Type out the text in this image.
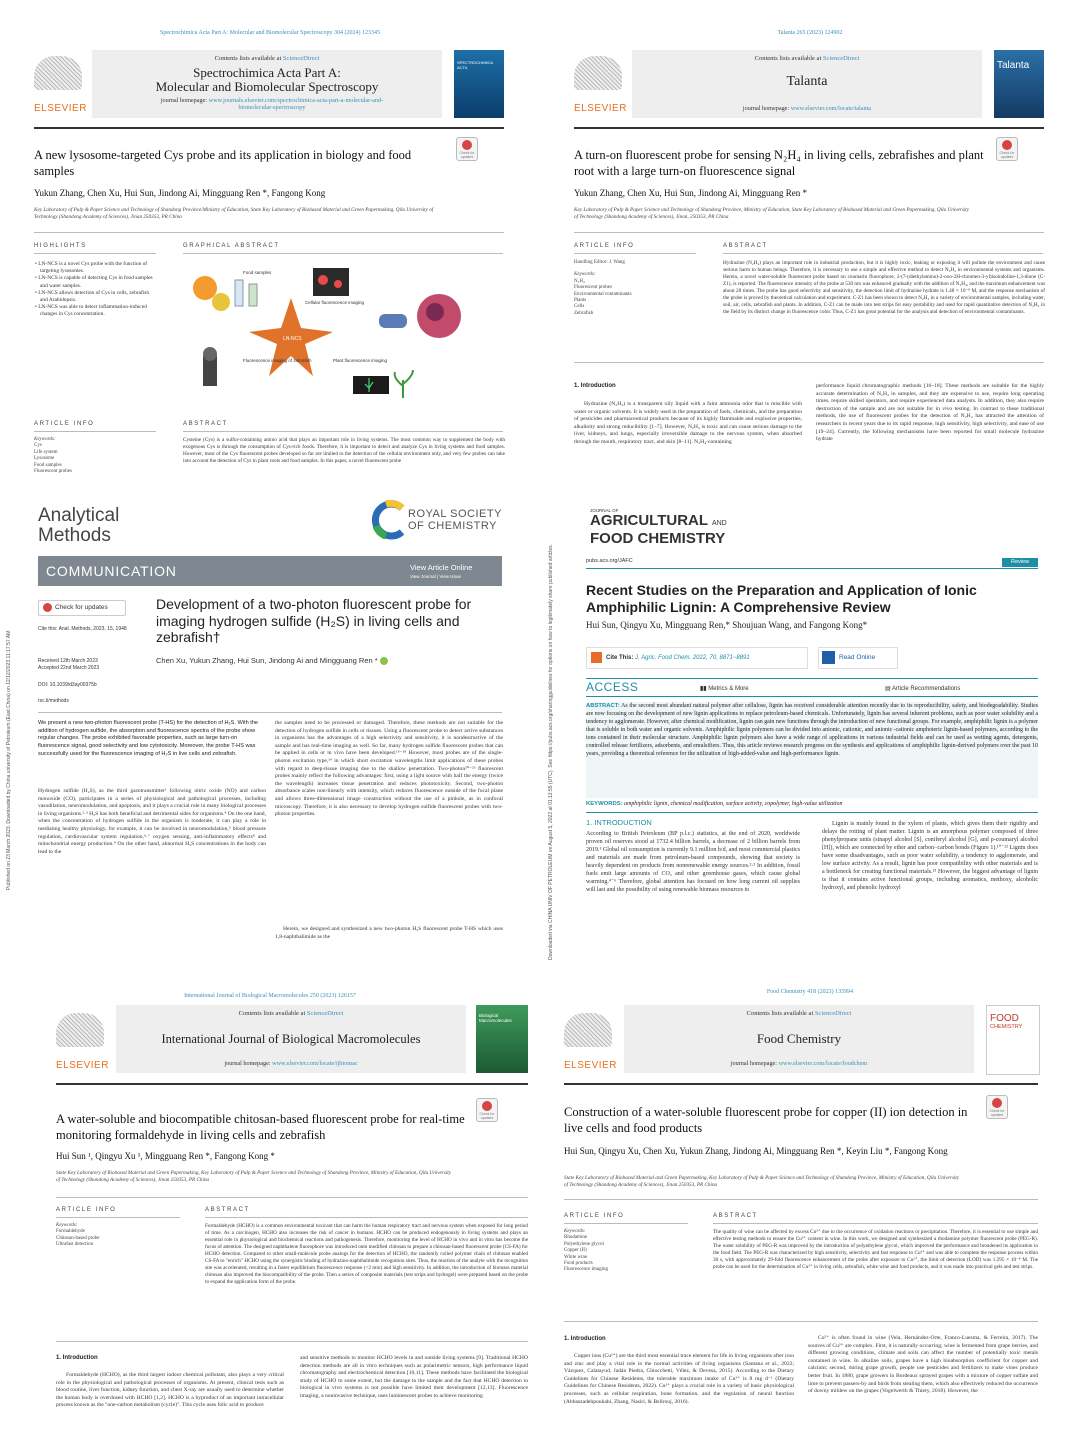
Spectrochimica Acta Part A: Molecular and Biomolecular Spectroscopy 304 (2024) 123345
ELSEVIER
Contents lists available at ScienceDirect
Spectrochimica Acta Part A:
Molecular and Biomolecular Spectroscopy
journal homepage: www.journals.elsevier.com/spectrochimica-acta-part-a-molecular-and-biomolecular-spectroscopy
SPECTROCHIMICA ACTA
A new lysosome-targeted Cys probe and its application in biology and food samples
Check for updates
Yukun Zhang, Chen Xu, Hui Sun, Jindong Ai, Mingguang Ren *, Fangong Kong
Key Laboratory of Pulp & Paper Science and Technology of Shandong Province/Ministry of Education, State Key Laboratory of Biobased Material and Green Papermaking, Qilu University of Technology (Shandong Academy of Sciences), Jinan 250353, PR China
HIGHLIGHTS
• LN-NCS is a novel Cys probe with the function of targeting lysosomes.
• LN-NCS is capable of detecting Cys in food samples and water samples.
• LN-NCS allows detection of Cys in cells, zebrafish and Arabidopsis.
• LN-NCS was able to detect inflammation-induced changes in Cys concentration.
GRAPHICAL ABSTRACT
Food samples
Cellular fluorescence imaging
LN-NCS
Fluorescence imaging of zebrafish	Plant fluorescence imaging
ARTICLE INFO
Keywords:
Cys
Life system
Lysosome
Food samples
Fluorescent probes
ABSTRACT
Cysteine (Cys) is a sulfur-containing amino acid that plays an important role in living systems. The most common way to supplement the body with exogenous Cys is through the consumption of Cys-rich foods. Therefore, it is important to detect and analyze Cys in living systems and food samples. However, most of the Cys fluorescent probes developed so far are limited to the detection of the cellular environment only, and very few probes can take into account the detection of Cys in plant roots and food samples. In this paper, a novel fluorescent probe
Talanta 265 (2023) 124902
ELSEVIER
Contents lists available at ScienceDirect
Talanta
journal homepage: www.elsevier.com/locate/talanta
Talanta
A turn-on fluorescent probe for sensing N₂H₄ in living cells, zebrafishes and plant root with a large turn-on fluorescence signal
Check for updates
Yukun Zhang, Chen Xu, Hui Sun, Jindong Ai, Mingguang Ren *
Key Laboratory of Pulp & Paper Science and Technology of Shandong Province, Ministry of Education, State Key Laboratory of Biobased Material and Green Papermaking, Qilu University of Technology (Shandong Academy of Sciences), Jinan, 250353, PR China
ARTICLE INFO
Handling Editor: J. Wang
Keywords:
N₂H₄
Fluorescent probes
Environmental contaminants
Plants
Cells
Zebrafish
ABSTRACT
Hydrazine (N₂H₄) plays an important role in industrial production, but it is highly toxic, leaking or exposing it will pollute the environment and cause serious harm to human beings. Therefore, it is necessary to use a simple and effective method to detect N₂H₄ in environmental systems and organisms. Herein, a novel water-soluble fluorescent probe based on coumarin fluorophore, 2-(7-(diethylamino)-2-oxo-2H-chromen-3-yl)isoindoline-1,3-dione (C-Z1), is reported. The fluorescence intensity of the probe at 530 nm was enhanced gradually with the addition of N₂H₄, and the maximum enhancement was about 28 times. The probe has good selectivity and sensitivity, the detection limit of hydrazine hydrate is 1.48 × 10⁻⁸ M, and the response mechanism of the probe is proved by theoretical calculation and experiment. C-Z1 has been shown to detect N₂H₄ in a variety of environmental samples, including water, soil, air, cells, zebrafish and plants. In addition, C-Z1 can be made into test strips for easy portability and used for rapid quantitative detection of N₂H₄ in the field by its distinct change in fluorescence color. Thus, C-Z1 has great potential for the analysis and detection of environmental contaminants.
1. Introduction
Hydrazine (N₂H₄) is a transparent oily liquid with a faint ammonia odor that is miscible with water or organic solvents. It is widely used in the preparation of fuels, chemicals, and the preparation of pesticides and pharmaceutical products because of its highly flammable and explosive properties, alkalinity and strong reducibility [1–7]. However, N₂H₄ is toxic and can cause serious damage to the liver, kidneys, and lungs, especially irreversible damage to the nervous system, when absorbed through the mouth, respiratory tract, and skin [8–11]. N₂H₄-containing
performance liquid chromatographic methods [16–18]. These methods are suitable for the highly accurate determination of N₂H₄ in samples, and they are expensive to use, require long operating times, require skilled operators, and require experienced data analysts. In addition, they also require destruction of the sample and are not suitable for in vivo testing. In contrast to these traditional methods, the use of fluorescent probes for the detection of N₂H₄ has attracted the attention of researchers in recent years due to its rapid response, high sensitivity, high selectivity, and ease of use [19–24]. Currently, the following mechanisms have been reported for small molecule hydrazine hydrate
Published on 23 March 2023. Downloaded by China university of Petroleum (East China) on 12/12/2023 11:17:57 AM.
Analytical
Methods
ROYAL SOCIETY
OF CHEMISTRY
COMMUNICATION	View Article Online
View Journal | View Issue
Check for updates
Cite this: Anal. Methods, 2023, 15, 1948
Development of a two-photon fluorescent probe for imaging hydrogen sulfide (H₂S) in living cells and zebrafish†
Chen Xu, Yukun Zhang, Hui Sun, Jindong Ai and Mingguang Ren *
Received 12th March 2023
Accepted 22nd March 2023
DOI: 10.1039/d3ay00375b
rsc.li/methods
We present a new two-photon fluorescent probe (T-HS) for the detection of H₂S. With the addition of hydrogen sulfide, the absorption and fluorescence spectra of the probe show regular changes. The probe exhibited favorable properties, such as large turn-on fluorescence signal, good selectivity and low cytotoxicity. Moreover, the probe T-HS was successfully used for the fluorescence imaging of H₂S in live cells and zebrafish.
Hydrogen sulfide (H₂S), as the third gasotransmitter¹ following nitric oxide (NO) and carbon monoxide (CO), participates in a series of physiological and pathological processes, including vasodilation, neuromodulation, and apoptosis, and it plays a crucial role in many biological processes in living organisms.²·³ H₂S has both beneficial and detrimental sides for organisms.⁴ On the one hand, when the concentration of hydrogen sulfide in the organism is moderate, it can play a role in mediating healthy physiology, for example, it can be involved in neuromodulation,⁵ blood pressure regulation, cardiovascular system regulation,⁶·⁷ oxygen sensing, anti-inflammatory effects⁸ and mitochondrial energy production.⁹ On the other hand, abnormal H₂S concentrations in the body can lead to the
the samples need to be processed or damaged. Therefore, these methods are not suitable for the detection of hydrogen sulfide in cells or tissues. Using a fluorescent probe to detect active substances in organisms has the advantages of a high selectivity and sensitivity, it is nondestructive of the sample and has real-time imaging as well. So far, many hydrogen sulfide fluorescent probes that can be applied in cells or in vivo have been developed.¹⁶⁻¹⁸ However, most probes are of the single-photon excitation type,¹⁹ in which short excitation wavelengths limit applications of these probes with regard to deep-tissue imaging due to the shallow penetration. Two-photon²⁰⁻²³ fluorescent probes mainly reflect the following advantages: first, using a light source with half the energy (twice the wavelength) increases tissue penetration and reduces phototoxicity. Second, two-photon absorbance scales non-linearly with intensity, which reduces fluorescence outside of the focal plane and allows three-dimensional image construction without the use of a pinhole, as in confocal microscopy. Therefore, it is also necessary to develop hydrogen sulfide fluorescent probes with two-photon properties.
Herein, we designed and synthesized a new two-photon H₂S fluorescent probe T-HS which uses 1,8-naphthalimide as the	Downloaded via CHINA UNIV OF PETROLEUM on August 5, 2022 at 01:13:55 (UTC). See https://pubs.acs.org/sharingguidelines for options on how to legitimately share published articles.
JOURNAL OF
AGRICULTURAL AND
FOOD CHEMISTRY
pubs.acs.org/JAFC	Review
Recent Studies on the Preparation and Application of Ionic Amphiphilic Lignin: A Comprehensive Review
Hui Sun, Qingyu Xu, Mingguang Ren,* Shoujuan Wang, and Fangong Kong*
Cite This: J. Agric. Food Chem. 2022, 70, 8871−8891	Read Online
ACCESS	▮▮ Metrics & More	▤ Article Recommendations
ABSTRACT: As the second most abundant natural polymer after cellulose, lignin has received considerable attention recently due to its reproducibility, safety, and biodegradability. Studies are now focusing on the development of new lignin applications to replace petroleum-based chemicals. Unfortunately, lignin has several inherent problems, such as poor water solubility and a tendency to agglomerate. However, after chemical modification, lignin can gain new functions through the introduction of new functional groups. For example, amphiphilic lignin is a polymer that is soluble in both water and organic solvents. Amphiphilic lignin polymers can be divided into anionic, cationic, and anionic−cationic amphoteric lignin-based polymers, according to the ions contained in their molecular structure. Amphiphilic lignin polymers also have a wide range of applications in various industrial fields and can be used as wetting agents, detergents, controlled release fertilizers, adsorbents, and emulsifiers. Thus, this article reviews research progress on the synthesis and applications of amphiphilic lignin-derived polymers over the past 10 years, providing a theoretical reference for the utilization of high-added-value and high-performance lignin.
KEYWORDS: amphiphilic lignin, chemical modification, surface activity, copolymer, high-value utilization
1. INTRODUCTION
According to British Petroleum (BP p.l.c.) statistics, at the end of 2020, worldwide proven oil reserves stood at 1732.4 billion barrels, a decrease of 2 billion barrels from 2019.¹ Global oil consumption is currently 9.1 million b/d, and most commercial plastics and materials are made from petroleum-based compounds, showing that society is heavily dependent on products from nonrenewable energy sources.²·³ In addition, fossil fuels emit large amounts of CO₂ and other greenhouse gases, which cause global warming.⁴⁻⁶ Therefore, global attention has focused on how long current oil supplies will last and the possibility of using renewable biomass resources to
Lignin is mainly found in the xylem of plants, which gives them their rigidity and delays the rotting of plant matter. Lignin is an amorphous polymer composed of three phenylpropane units (sinapyl alcohol [S], coniferyl alcohol [G], and p-coumaryl alcohol [H]), which are connected by ether and carbon−carbon bonds (Figure 1).¹⁰⁻¹² Lignin does have some disadvantages, such as poor water solubility, a tendency to agglomerate, and low surface activity. As a result, lignin has poor compatibility with other materials and is a bottleneck for creating functional materials.¹³ However, the biggest advantage of lignin is that it contains active functional groups, including aromatics, methoxy, alcoholic hydroxyl, and phenolic hydroxyl
International Journal of Biological Macromolecules 250 (2023) 126157
ELSEVIER
Contents lists available at ScienceDirect
International Journal of Biological Macromolecules
journal homepage: www.elsevier.com/locate/ijbiomac
Biological Macromolecules
A water-soluble and biocompatible chitosan-based fluorescent probe for real-time monitoring formaldehyde in living cells and zebrafish
Check for updates
Hui Sun ¹, Qingyu Xu ¹, Mingguang Ren *, Fangong Kong *
State Key Laboratory of Biobased Material and Green Papermaking, Key Laboratory of Pulp & Paper Science and Technology of Shandong Province, Ministry of Education, Qilu University of Technology (Shandong Academy of Sciences), Jinan 250353, PR China
ARTICLE INFO
Keywords:
Formaldehyde
Chitosan-based probe
Ultrafast detection
ABSTRACT
Formaldehyde (HCHO) is a common environmental toxicant that can harm the human respiratory tract and nervous system when exposed for long period of time. As a carcinogen, HCHO also increases the risk of cancer in humans. HCHO can be produced endogenously in living systems and plays an essential role in physiological and biochemical reactions and pathogenesis. Therefore, monitoring the level of HCHO in vivo and in vitro has become the focus of attention. The designed naphthalene fluorophore was introduced onto modified chitosan to prepare a chitosan-based fluorescent probe (CS-FA) for HCHO detection. Compared to other small-molecule probe analogs for the detection of HCHO, the randomly coiled polymer chain of chitosan enabled CS-FA to "enrich" HCHO using the synergistic binding of hydrazino-naphthalimide recognition sites. Thus, the reaction of the analyte with the recognition site was accelerated, resulting in a faster equilibrium fluorescence response (<2 min) and high sensitivity. In addition, the introduction of biomass material chitosan also improved the biocompatibility of the probe. Then a series of composite materials (test strips and hydrogel) were prepared based on the probe to expand the application form of the probe.
1. Introduction
Formaldehyde (HCHO), as the third largest indoor chemical pollutant, also plays a very critical role in the physiological and pathological processes of organisms. At present, clinical tests such as blood routine, liver function, kidney function, and chest X-ray are usually used to determine whether the human body is overdosed with HCHO [1,2]. HCHO is a byproduct of an important intracellular process known as the "one-carbon metabolism (cycle)". This cycle uses folic acid to produce
and sensitive methods to monitor HCHO levels in and outside living systems [9]. Traditional HCHO detection methods are all in vitro techniques such as polarimetric sensors, high performance liquid chromatography and electrochemical detection [10,11]. These methods have facilitated the biological study of HCHO to some extent, but the damage to the sample and the fact that HCHO detection in biological in vivo systems is not possible have limited their development [12,13]. Fluorescence imaging, a noninvasive technique, uses luminescent probes to achieve monitoring
Food Chemistry 418 (2023) 135994
ELSEVIER
Contents lists available at ScienceDirect
Food Chemistry
journal homepage: www.elsevier.com/locate/foodchem
FOOD
CHEMISTRY
Construction of a water-soluble fluorescent probe for copper (II) ion detection in live cells and food products
Check for updates
Hui Sun, Qingyu Xu, Chen Xu, Yukun Zhang, Jindong Ai, Mingguang Ren *, Keyin Liu *, Fangong Kong
State Key Laboratory of Biobased Material and Green Papermaking, Key Laboratory of Pulp & Paper Science and Technology of Shandong Province, Ministry of Education, Qilu University of Technology (Shandong Academy of Sciences), Jinan 250353, PR China
ARTICLE INFO
Keywords:
Rhodamine
Polyethylene glycol
Copper (II)
White wine
Food products
Fluorescence imaging
ABSTRACT
The quality of wine can be affected by excess Cu²⁺ due to the occurrence of oxidation reactions or precipitation. Therefore, it is essential to use simple and effective testing methods to ensure the Cu²⁺ content in wine. In this work, we designed and synthesized a rhodamine polymer fluorescent probe (PEG-R). The water solubility of PEG-R was improved by the introduction of polyethylene glycol, which improved the performance and broadened its application in the food field. The PEG-R was characterized by high sensitivity, selectivity and fast response to Cu²⁺ and was able to complete the response process within 30 s, with approximately 29-fold fluorescence enhancement of the probe after exposure to Cu²⁺, the limit of detection (LOD) was 1.295 × 10⁻⁸ M. The probe can be used for the determination of Cu²⁺ in living cells, zebrafish, white wine and food products, and it was made into practical gels and test strips.
1. Introduction
Copper ions (Cu²⁺) are the third most essential trace element for life in living organisms after iron and zinc and play a vital role in the normal activities of living organisms (Santana et al., 2022; Vázquez, Calatayud, Jadán Piedra, Chiocchetti, Vélez, & Devesa, 2015). According to the Dietary Guidelines for Chinese Residents, the tolerable maximum intake of Cu²⁺ is 8 mg d⁻¹ (Dietary Guidelines for Chinese Residents, 2022). Cu²⁺ plays a crucial role in a variety of basic physiological processes, such as cellular respiration, bone formation, and the regulation of neural function (Abbaszadehpoukahi, Zhang, Nasiri, & Bellrouj, 2016).
Cu²⁺ is often found in wine (Vela, Hernández-Orte, Franco-Luesma, & Ferreira, 2017). The sources of Cu²⁺ are complex. First, it is naturally occurring; wine is fermented from grape berries, and different growing conditions, climate and soils can affect the number of potentially toxic metals contained in wine. In alkaline soils, grapes have a high bioabsorption coefficient for copper and calcium; second, during grape growth, people use pesticides and fertilizers to make vines produce better fruit. In 1880, grape growers in Bordeaux sprayed grapes with a mixture of copper sulfate and lime to prevent passers-by and birds from stealing them, which also effectively reduced the occurrence of downy mildew on the grapes (Vogelwerth & Thiery, 2018). However, the
